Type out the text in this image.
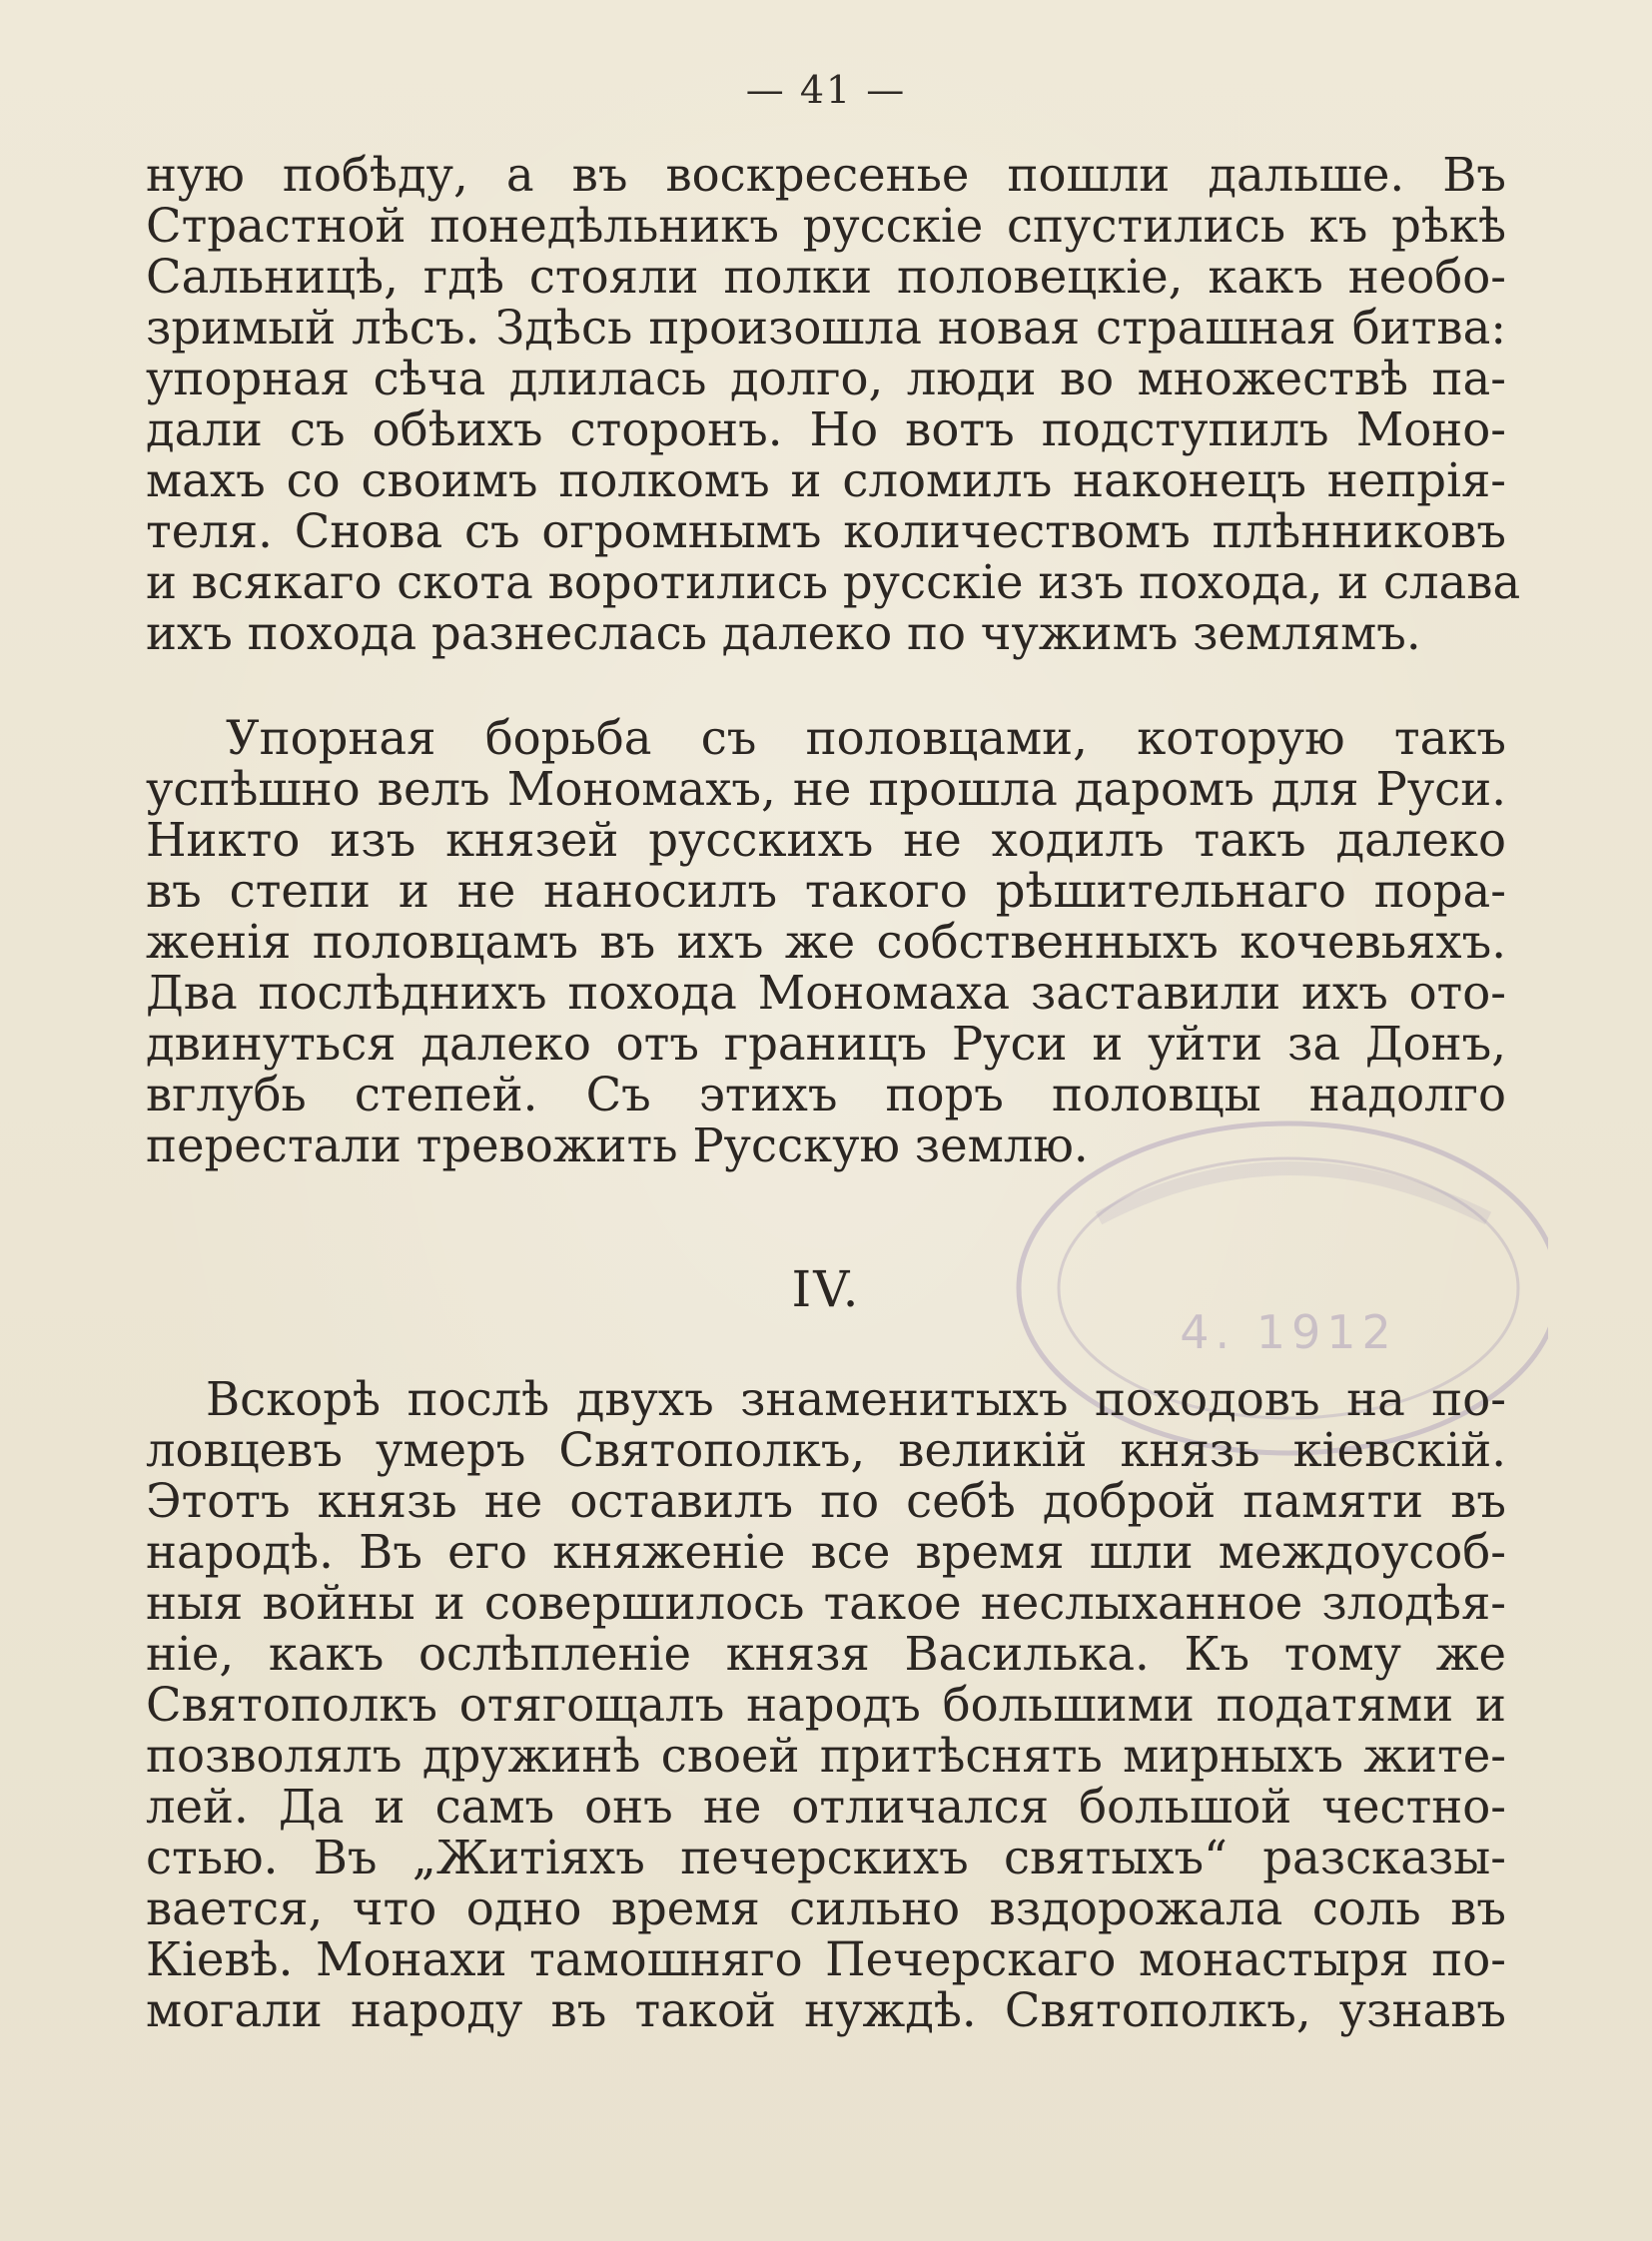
— 41 —
ную побѣду, а въ воскресенье пошли дальше. Въ
Страстной понедѣльникъ русскіе спустились къ рѣкѣ
Сальницѣ, гдѣ стояли полки половецкіе, какъ необо-
зримый лѣсъ. Здѣсь произошла новая страшная битва:
упорная сѣча длилась долго, люди во множествѣ па-
дали съ обѣихъ сторонъ. Но вотъ подступилъ Моно-
махъ со своимъ полкомъ и сломилъ наконецъ непрія-
теля. Снова съ огромнымъ количествомъ плѣнниковъ
и всякаго скота воротились русскіе изъ похода, и слава
ихъ похода разнеслась далеко по чужимъ землямъ.
Упорная борьба съ половцами, которую такъ
успѣшно велъ Мономахъ, не прошла даромъ для Руси.
Никто изъ князей русскихъ не ходилъ такъ далеко
въ степи и не наносилъ такого рѣшительнаго пора-
женія половцамъ въ ихъ же собственныхъ кочевьяхъ.
Два послѣднихъ похода Мономаха заставили ихъ ото-
двинуться далеко отъ границъ Руси и уйти за Донъ,
вглубь степей. Съ этихъ поръ половцы надолго
перестали тревожить Русскую землю.
IV.
4. 1912
Вскорѣ послѣ двухъ знаменитыхъ походовъ на по-
ловцевъ умеръ Святополкъ, великій князь кіевскій.
Этотъ князь не оставилъ по себѣ доброй памяти въ
народѣ. Въ его княженіе все время шли междоусоб-
ныя войны и совершилось такое неслыханное злодѣя-
ніе, какъ ослѣпленіе князя Василька. Къ тому же
Святополкъ отягощалъ народъ большими податями и
позволялъ дружинѣ своей притѣснять мирныхъ жите-
лей. Да и самъ онъ не отличался большой честно-
стью. Въ „Житіяхъ печерскихъ святыхъ“ разсказы-
вается, что одно время сильно вздорожала соль въ
Кіевѣ. Монахи тамошняго Печерскаго монастыря по-
могали народу въ такой нуждѣ. Святополкъ, узнавъ
